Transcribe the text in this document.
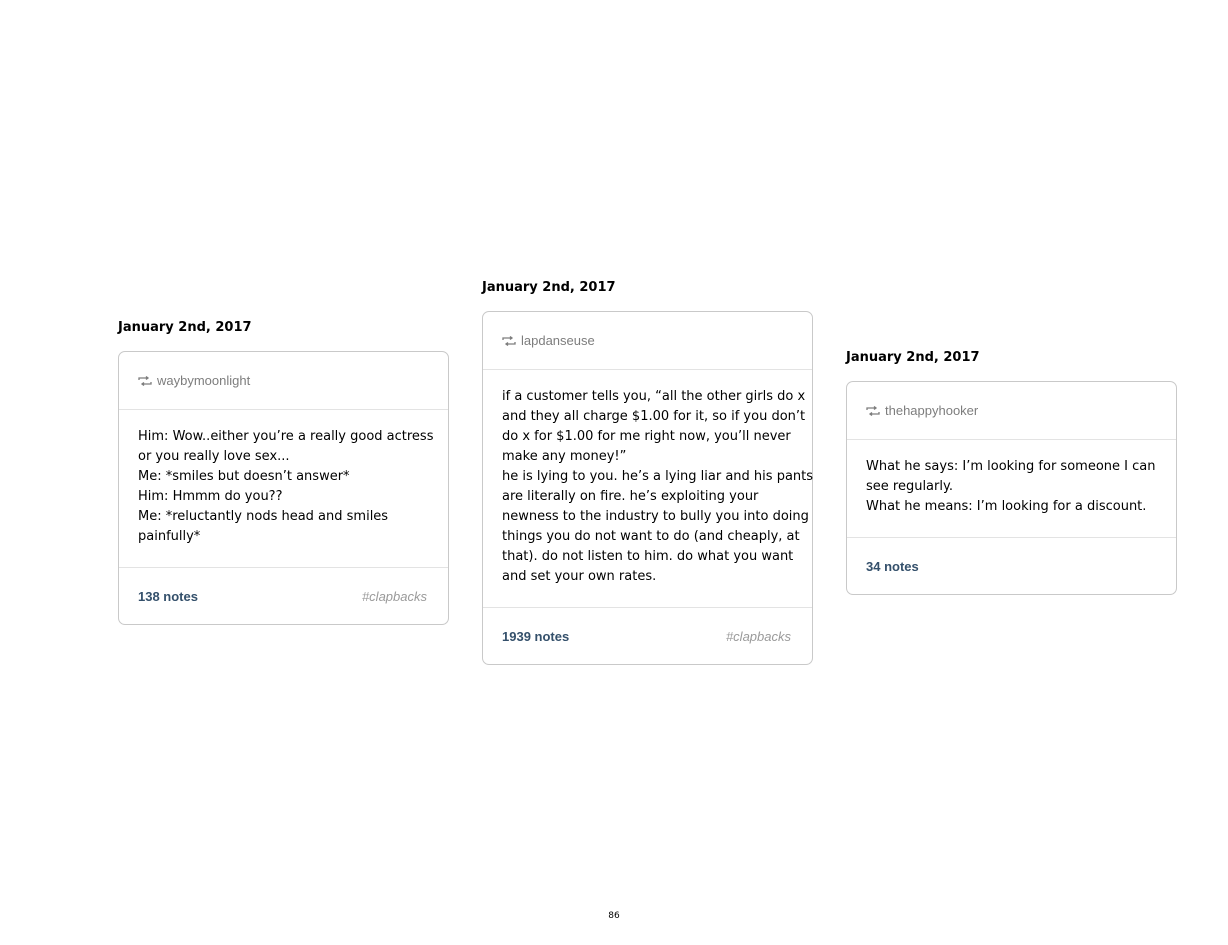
January 2nd, 2017
waybymoonlight

Him: Wow..either you’re a really good actress

or you really love sex...

Me: *smiles but doesn’t answer*

Him: Hmmm do you??

Me: *reluctantly nods head and smiles

painfully*

138 notes	#clapbacks
January 2nd, 2017
lapdanseuse

if a customer tells you, “all the other girls do x

and they all charge $1.00 for it, so if you don’t

do x for $1.00 for me right now, you’ll never

make any money!”

he is lying to you. he’s a lying liar and his pants

are literally on fire. he’s exploiting your

newness to the industry to bully you into doing

things you do not want to do (and cheaply, at

that). do not listen to him. do what you want

and set your own rates.

1939 notes	#clapbacks
January 2nd, 2017
thehappyhooker

What he says: I’m looking for someone I can

see regularly.

What he means: I’m looking for a discount.

34 notes
86
